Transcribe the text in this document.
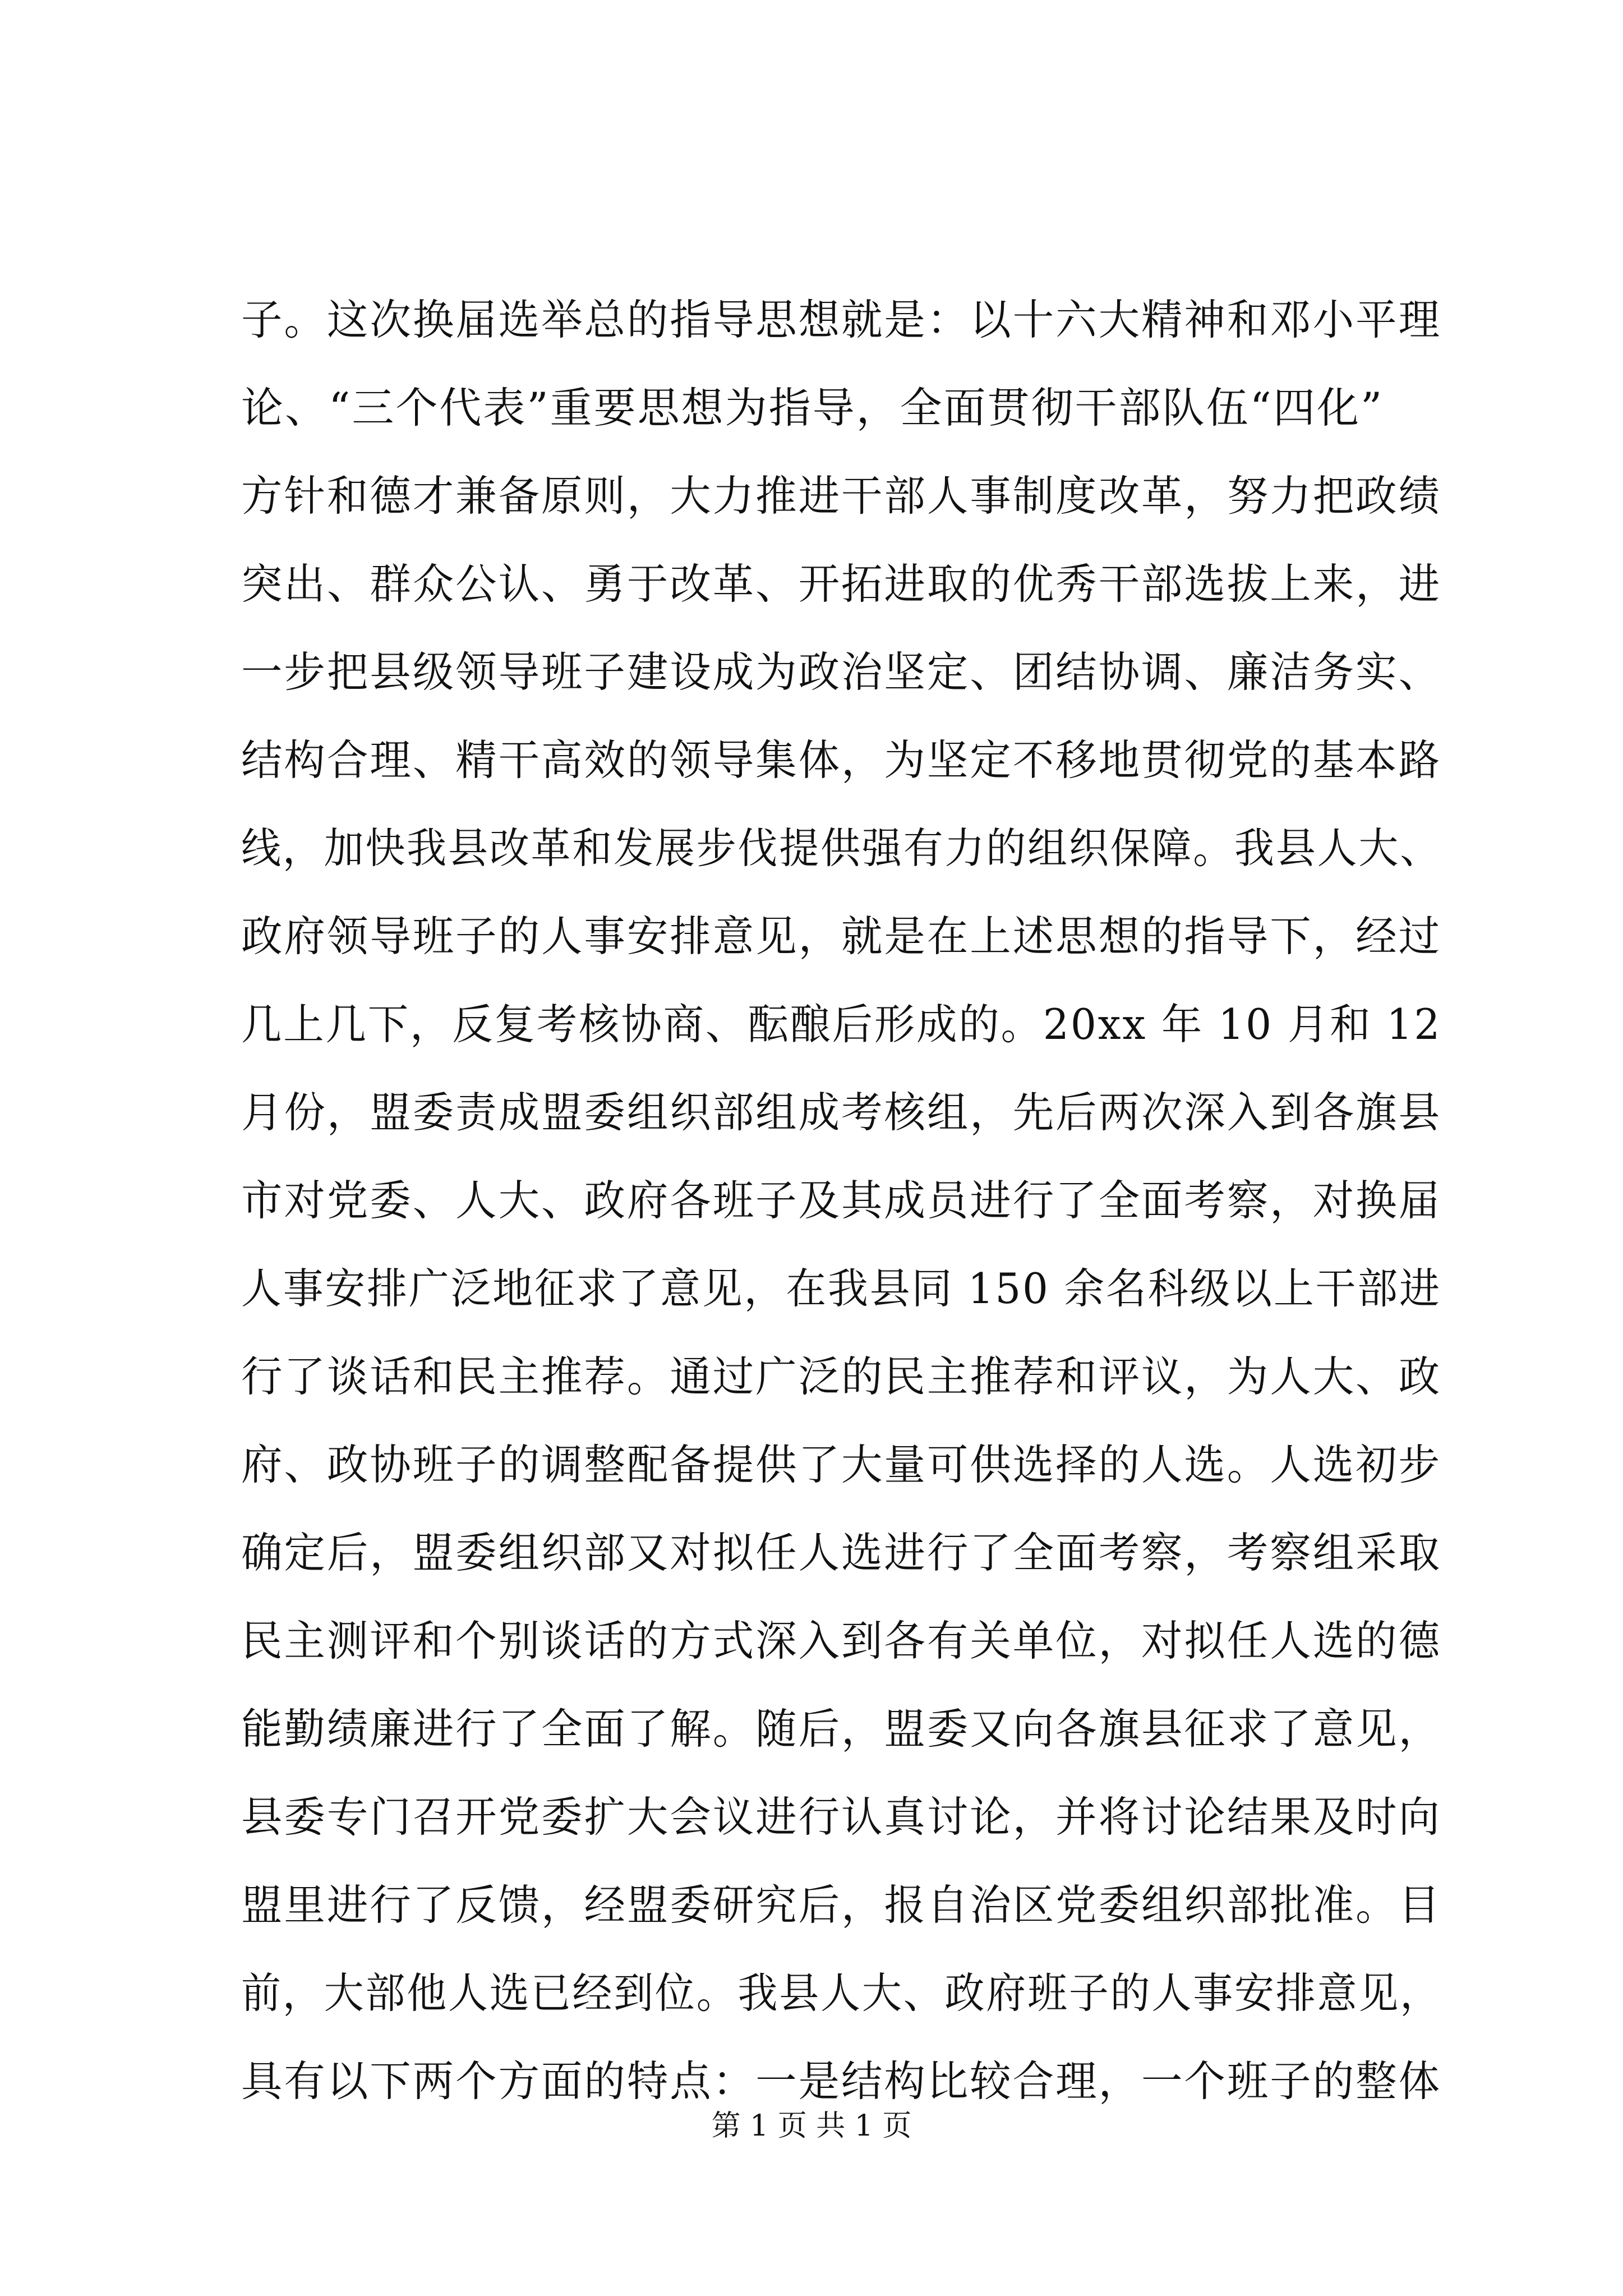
子。这次换届选举总的指导思想就是：以十六大精神和邓小平理
论、“三个代表”重要思想为指导，全面贯彻干部队伍“四化”
方针和德才兼备原则，大力推进干部人事制度改革，努力把政绩
突出、群众公认、勇于改革、开拓进取的优秀干部选拔上来，进
一步把县级领导班子建设成为政治坚定、团结协调、廉洁务实、
结构合理、精干高效的领导集体，为坚定不移地贯彻党的基本路
线，加快我县改革和发展步伐提供强有力的组织保障。我县人大、
政府领导班子的人事安排意见，就是在上述思想的指导下，经过
几上几下，反复考核协商、酝酿后形成的。20xx 年 10 月和 12
月份，盟委责成盟委组织部组成考核组，先后两次深入到各旗县
市对党委、人大、政府各班子及其成员进行了全面考察，对换届
人事安排广泛地征求了意见，在我县同 150 余名科级以上干部进
行了谈话和民主推荐。通过广泛的民主推荐和评议，为人大、政
府、政协班子的调整配备提供了大量可供选择的人选。人选初步
确定后，盟委组织部又对拟任人选进行了全面考察，考察组采取
民主测评和个别谈话的方式深入到各有关单位，对拟任人选的德
能勤绩廉进行了全面了解。随后，盟委又向各旗县征求了意见，
县委专门召开党委扩大会议进行认真讨论，并将讨论结果及时向
盟里进行了反馈，经盟委研究后，报自治区党委组织部批准。目
前，大部他人选已经到位。我县人大、政府班子的人事安排意见，
具有以下两个方面的特点：一是结构比较合理，一个班子的整体
第 1 页 共 1 页
